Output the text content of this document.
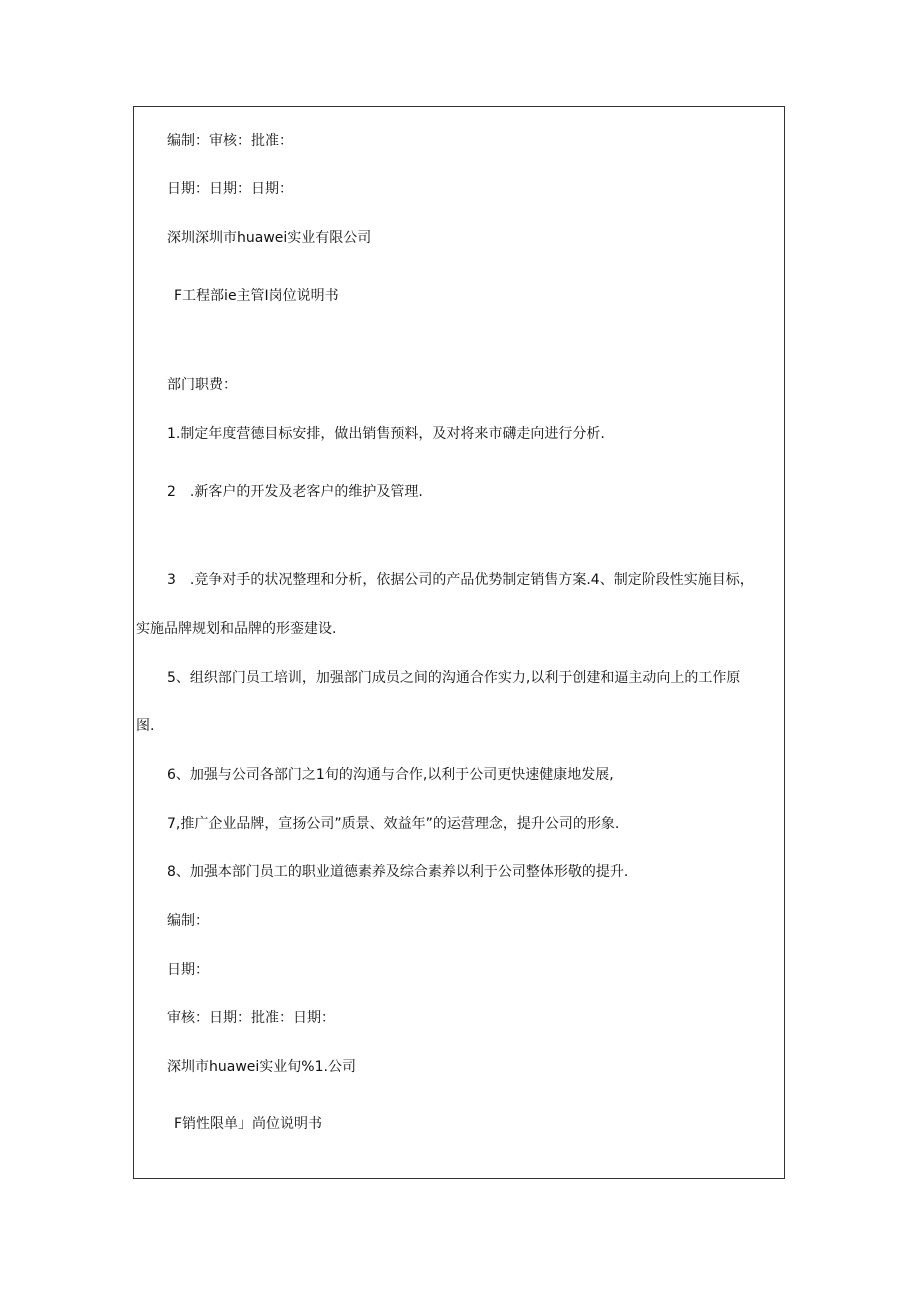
编制：审核：批准：
日期：日期：日期：
深圳深圳市huawei实业有限公司
F工程部ie主管I岗位说明书
部门职费：
1.制定年度营德目标安排，做出销售预料，及对将来市礴走向进行分析.
2　.新客户的开发及老客户的维护及管理.
3　.竞争对手的状况整理和分析，依据公司的产品优势制定销售方案.4、制定阶段性实施目标，
实施品牌规划和品牌的形銮建设.
5、组织部门员工培训，加强部门成员之间的沟通合作实力,以利于创建和逼主动向上的工作原
图.
6、加强与公司各部门之1旬的沟通与合作,以利于公司更快速健康地发展,
7,推广企业品牌，宣扬公司”质景、效益年”的运营理念，提升公司的形象.
8、加强本部门员工的职业道德素养及综合素养以利于公司整体形敬的提升.
编制：
日期：
审核：日期：批准：日期：
深圳市huawei实业旬%1.公司
F销性限单」尚位说明书
